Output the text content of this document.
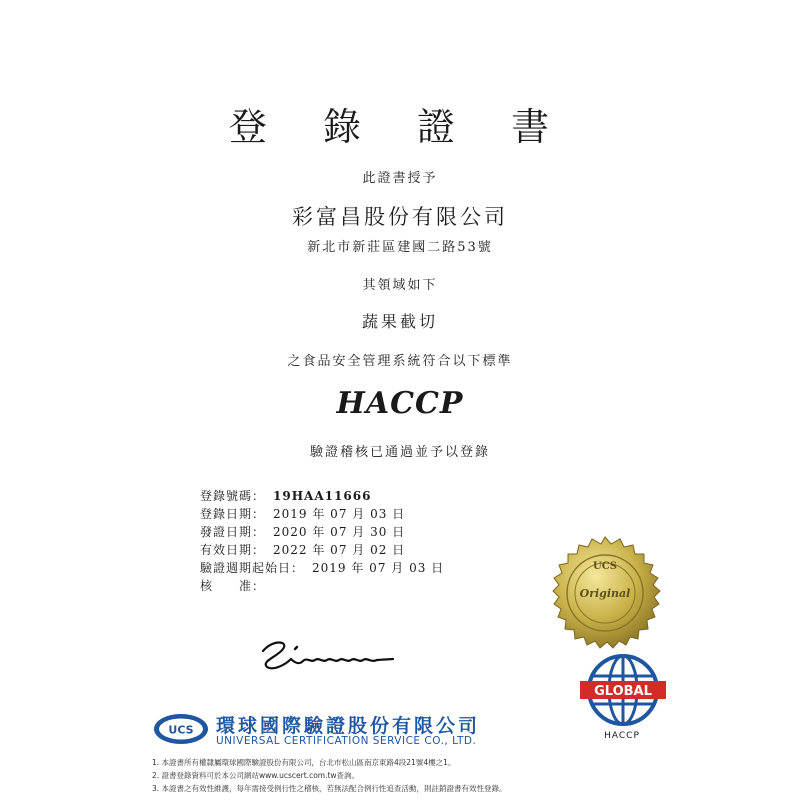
登 錄 證 書
此證書授予
彩富昌股份有限公司
新北市新莊區建國二路53號
其領域如下
蔬果截切
之食品安全管理系統符合以下標準
HACCP
驗證稽核已通過並予以登錄
登錄號碼： 19HAA11666
登錄日期： 2019 年 07 月 03 日
發證日期： 2020 年 07 月 30 日
有效日期： 2022 年 07 月 02 日
驗證週期起始日： 2019 年 07 月 03 日
核　　准：
UCS
Original
GLOBAL
HACCP
UCS 環球國際驗證股份有限公司
UNIVERSAL CERTIFICATION SERVICE CO., LTD.
1. 本證書所有權隸屬環球國際驗證股份有限公司，台北市松山區南京東路4段21號4樓之1。
2. 證書登錄資料可於本公司網站www.ucscert.com.tw查詢。
3. 本證書之有效性維護，每年需接受例行性之稽核，若無法配合例行性追查活動，則註銷證書有效性登錄。
